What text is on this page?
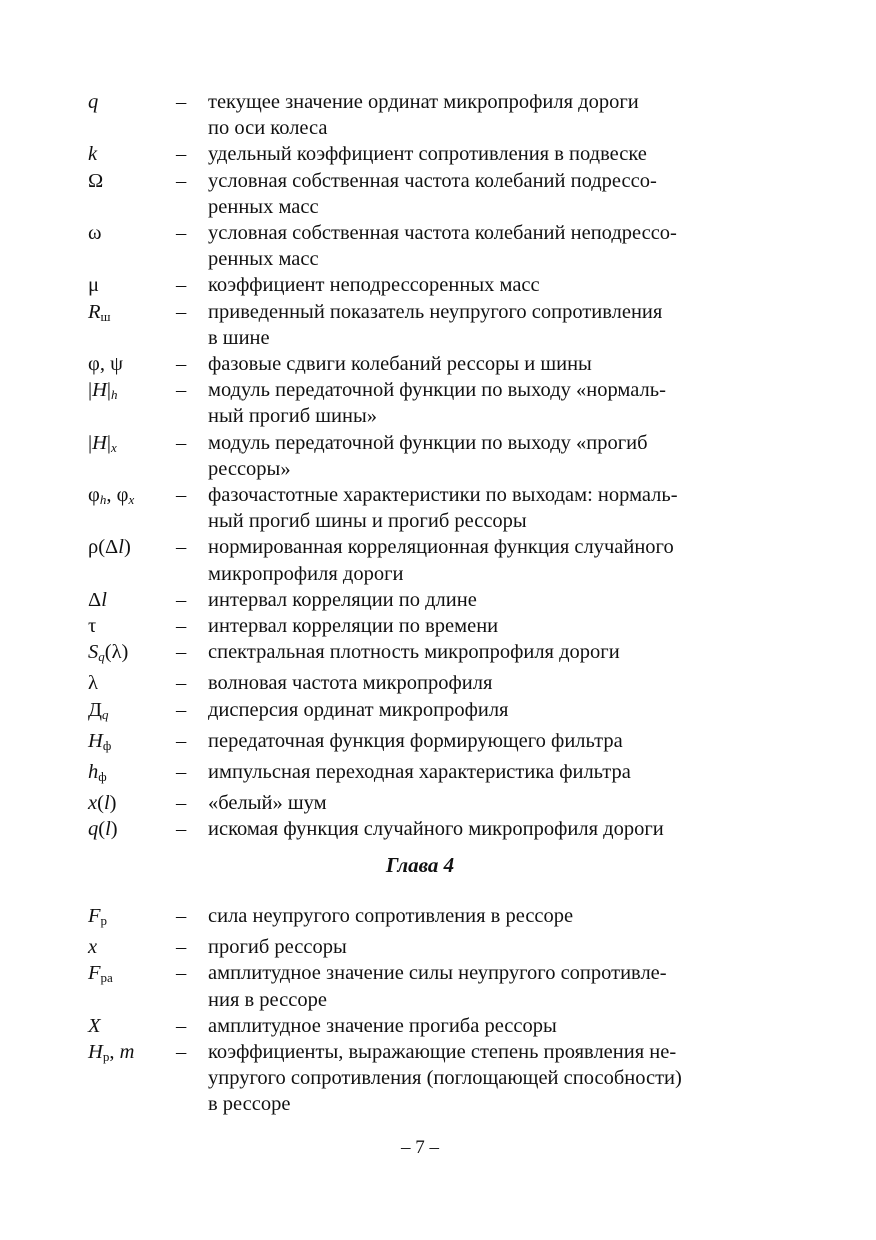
q	–	текущее значение ординат микропрофиля дороги
по оси колеса
k	–	удельный коэффициент сопротивления в подвеске
Ω	–	условная собственная частота колебаний подрессо-
ренных масс
ω	–	условная собственная частота колебаний неподрессо-
ренных масс
μ	–	коэффициент неподрессоренных масс
$R_ш$	–	приведенный показатель неупругого сопротивления
в шине
φ, ψ	–	фазовые сдвиги колебаний рессоры и шины
|H|h	–	модуль передаточной функции по выходу «нормаль-
ный прогиб шины»
|H|x	–	модуль передаточной функции по выходу «прогиб
рессоры»
φh, φx	–	фазочастотные характеристики по выходам: нормаль-
ный прогиб шины и прогиб рессоры
ρ(Δl)	–	нормированная корреляционная функция случайного
микропрофиля дороги
Δl	–	интервал корреляции по длине
τ	–	интервал корреляции по времени
Sq(λ)	–	спектральная плотность микропрофиля дороги
λ	–	волновая частота микропрофиля
Дq	–	дисперсия ординат микропрофиля
$H_ф$	–	передаточная функция формирующего фильтра
$h_ф$	–	импульсная переходная характеристика фильтра
x(l)	–	«белый» шум
q(l)	–	искомая функция случайного микропрофиля дороги
Глава 4
$F_р$	–	сила неупругого сопротивления в рессоре
x	–	прогиб рессоры
$F_{ра}$	–	амплитудное значение силы неупругого сопротивле-
ния в рессоре
X	–	амплитудное значение прогиба рессоры
$H_р$, m	–	коэффициенты, выражающие степень проявления не-
упругого сопротивления (поглощающей способности)
в рессоре
– 7 –
